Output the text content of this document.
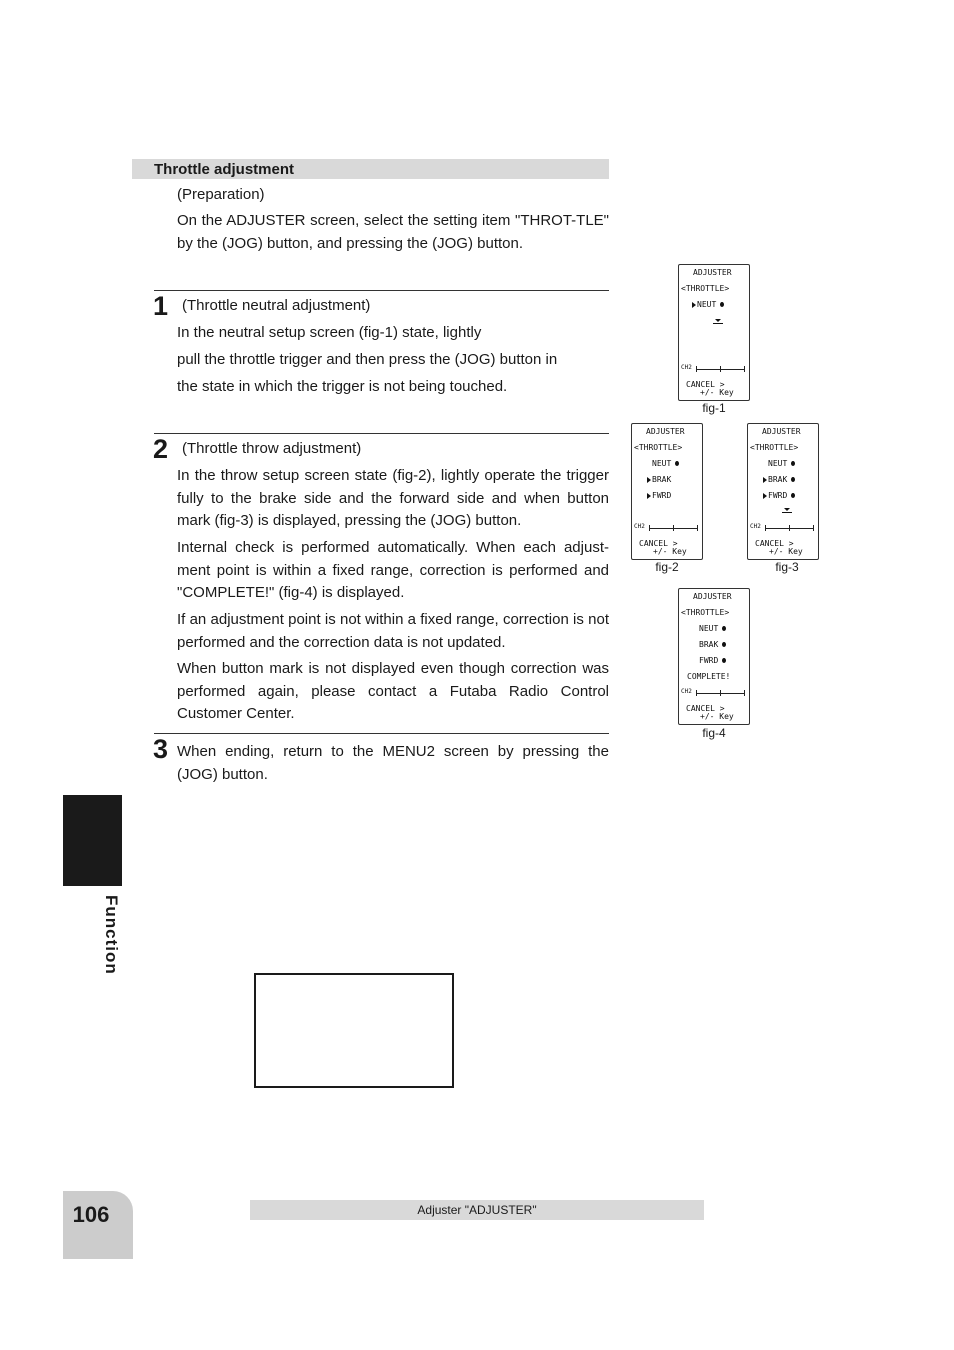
Throttle adjustment
(Preparation)
On the ADJUSTER screen, select the setting item "THROT-TLE" by the (JOG) button, and pressing the (JOG) button.
1 (Throttle neutral adjustment)
In the neutral setup screen (fig-1) state, lightly
pull the throttle trigger and then press the (JOG) button in
the state in which the trigger is not being touched.
2 (Throttle throw adjustment)
In the throw setup screen state (fig-2), lightly operate the trigger fully to the brake side and the forward side and when button mark (fig-3) is displayed, pressing the (JOG) button.
Internal check is performed automatically. When each adjust-ment point is within a fixed range, correction is performed and "COMPLETE!" (fig-4) is displayed.
If an adjustment point is not within a fixed range, correction is not performed and the correction data is not updated.
When button mark is not displayed even though correction was performed again, please contact a Futaba Radio Control Customer Center.
3 When ending, return to the MENU2 screen by pressing the (JOG) button.
ADJUSTER
<THROTTLE>
NEUT
CH2
CANCEL >
+/- Key
fig-1
ADJUSTER
<THROTTLE>
NEUT
BRAK
FWRD
CH2
CANCEL >
+/- Key
fig-2
ADJUSTER
<THROTTLE>
NEUT
BRAK
FWRD
CH2
CANCEL >
+/- Key
fig-3
ADJUSTER
<THROTTLE>
NEUT
BRAK
FWRD
COMPLETE!
CH2
CANCEL >
+/- Key
fig-4
Function
106	Adjuster "ADJUSTER"
